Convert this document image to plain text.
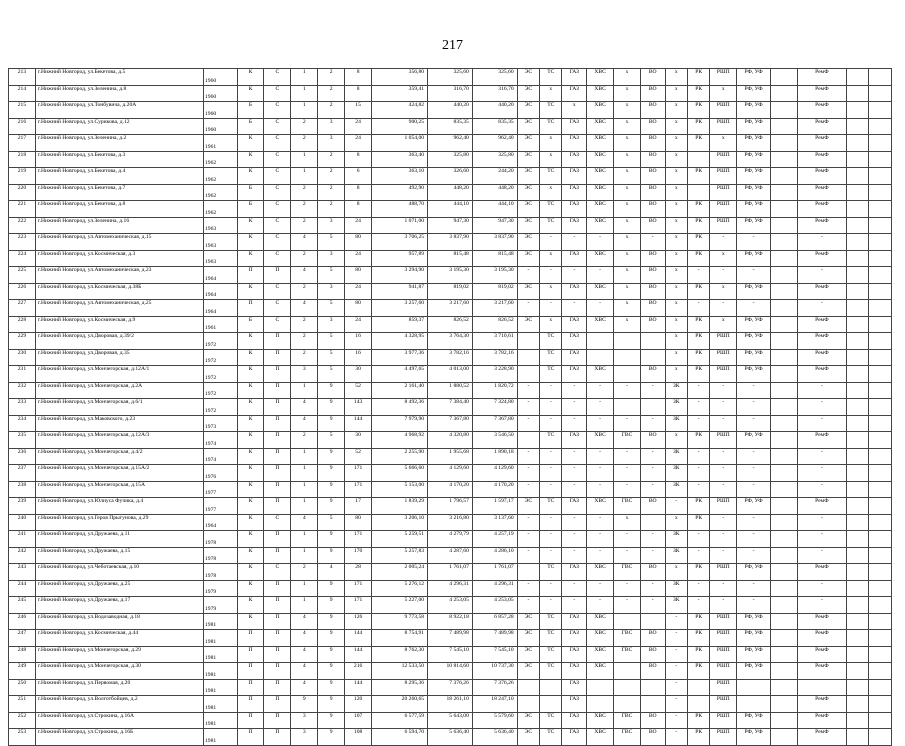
217
213	г.Нижний Новгород, ул.Бекетова, д.5	1960	К	С	1	2	8	356,80	325,60	325,60	ЭС	ТС	ГАЗ	ХВС	х	ВО	х	РК	РШП	РФ, УФ		РемФ		
214	г.Нижний Новгород, ул.Зеленина, д.8	1960	К	С	1	2	8	359,41	316,70	316,70	ЭС	х	ГАЗ	ХВС	х	ВО	х	РК	х	РФ, УФ		РемФ		
215	г.Нижний Новгород, ул.Тонбувича, д.20А	1960	Б	С	1	2	15	424,82	440,20	440,20	ЭС	ТС	х	ХВС	х	ВО	х	РК	РШП	РФ, УФ		РемФ		
216	г.Нижний Новгород, ул.Сурикова, д.12	1960	Б	С	2	3	24	900,25	835,35	835,35	ЭС	ТС	ГАЗ	ХВС	х	ВО	х	РК	РШП	РФ, УФ		РемФ		
217	г.Нижний Новгород, ул.Зеленина, д.2	1961	К	С	2	3	24	1 054,00	962,40	962,40	ЭС	х	ГАЗ	ХВС	х	ВО	х	РК	х	РФ, УФ		РемФ		
218	г.Нижний Новгород, ул.Бекетова, д.3	1962	К	С	1	2	8	363,40	325,80	325,80	ЭС	х	ГАЗ	ХВС	х	ВО	х		РШП	РФ, УФ		РемФ		
219	г.Нижний Новгород, ул.Бекетова, д.4	1962	К	С	1	2	6	363,10	326,60	244,20	ЭС	ТС	ГАЗ	ХВС	х	ВО	х	РК	РШП	РФ, УФ		РемФ		
220	г.Нижний Новгород, ул.Бекетова, д.7	1962	Б	С	2	2	8	492,90	448,20	448,20	ЭС	х	ГАЗ	ХВС	х	ВО	х		РШП	РФ, УФ		РемФ		
221	г.Нижний Новгород, ул.Бекетова, д.8	1962	Б	С	2	2	8	488,70	444,10	444,10	ЭС	ТС	ГАЗ	ХВС	х	ВО	х	РК	РШП	РФ, УФ		РемФ		
222	г.Нижний Новгород, ул.Зеленина, д.16	1963	К	С	2	3	24	1 071,00	947,30	947,30	ЭС	ТС	ГАЗ	ХВС	х	ВО	х	РК	РШП	РФ, УФ		РемФ		
223	г.Нижний Новгород, ул.Автомеханическая, д.15	1963	К	С	4	5	80	3 706,25	3 837,90	3 837,90	ЭС	-	-	-	х	-	х	РК	-	-		-		
224	г.Нижний Новгород, ул.Космическая, д.3	1963	К	С	2	3	24	957,89	815,48	815,48	ЭС	х	ГАЗ	ХВС	х	ВО	х	РК	х	РФ, УФ		РемФ		
225	г.Нижний Новгород, ул.Автомеханическая, д.23	1964	П	П	4	5	80	3 294,90	3 195,30	3 195,30	-	-	-	-	х	ВО	х	-	-	-		-		
226	г.Нижний Новгород, ул.Космическая, д.38Б	1964	К	С	2	3	24	941,87	819,02	819,02	ЭС	х	ГАЗ	ХВС	х	ВО	х	РК	х	РФ, УФ		РемФ		
227	г.Нижний Новгород, ул.Автомеханическая, д.25	1964	П	С	4	5	80	3 257,60	3 217,60	3 217,60	-	-	-	-	х	ВО	х	-	-	-		-		
228	г.Нижний Новгород, ул.Космическая, д.9	1961	Б	С	2	3	24	859,37	826,52	826,52	ЭС	х	ГАЗ	ХВС	х	ВО	х	РК	х	РФ, УФ		РемФ		
229	г.Нижний Новгород, ул.Дворовая, д.39/2	1972	К	П	2	5	16	4 328,95	3 764,30	3 710,61		ТС	ГАЗ				х	РК	РШП	РФ, УФ		РемФ		
230	г.Нижний Новгород, ул.Дворовая, д.35	1972	К	П	2	5	16	3 977,36	3 782,16	3 782,16		ТС	ГАЗ				х	РК	РШП	РФ, УФ		РемФ		
231	г.Нижний Новгород, ул.Мончегорская, д.12А/1	1972	К	П	3	5	30	4 497,65	4 013,00	3 228,90		ТС	ГАЗ	ХВС		ВО	х	РК	РШП	РФ, УФ		РемФ		
232	г.Нижний Новгород, ул.Мончегорская, д.2А	1972	К	П	1	9	52	2 161,40	1 880,52	1 820,72	-	-	-	-	-	-	ЗК	-	-	-		-		
233	г.Нижний Новгород, ул.Мончегорская, д.6/1	1972	К	П	4	9	143	8 492,36	7 384,40	7 324,80	-	-	-	-			ЗК	-	-	-		-		
234	г.Нижний Новгород, ул.Маковского, д.23	1973	К	П	4	9	144	7 979,90	7 367,80	7 367,80	-	-	-	-	-	-	ЗК	-	-	-		-		
235	г.Нижний Новгород, ул.Мончегорская, д.12А/3	1974	К	П	2	5	30	4 968,92	4 320,80	3 546,50		ТС	ГАЗ	ХВС	ГВС	ВО	х	РК	РШП	РФ, УФ		РемФ		
236	г.Нижний Новгород, ул.Мончегорская, д.4/2	1974	К	П	1	9	52	2 255,90	1 955,68	1 890,18	-	-	-	-	-	-	ЗК	-	-	-		-		
237	г.Нижний Новгород, ул.Мончегорская, д.15А/2	1976	К	П	1	9	171	5 666,60	4 129,60	4 129,60	-	-	-	-	-	-	ЗК	-	-	-		-		
238	г.Нижний Новгород, ул.Мончегорская, д.15А	1977	К	П	1	9	171	5 153,00	4 170,20	4 170,20	-	-	-	-	-	-	ЗК	-	-	-		-		
239	г.Нижний Новгород, ул.Юлиуса Фучика, д.4	1977	К	П	1	9	17	1 839,29	1 796,57	1 597,17	ЭС	ТС	ГАЗ	ХВС	ГВС	ВО	-	РК	РШП	РФ, УФ		РемФ		
240	г.Нижний Новгород, ул.Героя Прыгунова, д.29	1964	К	С	4	5	80	3 206,10	3 216,80	3 137,60	-	-	-	-	х		х	РК	-	-		-		
241	г.Нижний Новгород, ул.Дружаева, д.11	1978	К	П	1	9	171	5 259,51	4 279,79	4 257,19	-	-	-	-	-	-	ЗК	-	-	-		-		
242	г.Нижний Новгород, ул.Дружаева, д.15	1978	К	П	1	9	170	5 257,83	4 287,60	4 286,10	-	-	-	-	-	-	ЗК	-	-	-		-		
243	г.Нижний Новгород, ул.Чеботаевская, д.10	1978	К	С	2	4	28	2 005,24	1 761,07	1 761,07		ТС	ГАЗ	ХВС	ГВС	ВО	х	РК	РШП	РФ, УФ		РемФ		
244	г.Нижний Новгород, ул.Дружаева, д.25	1979	К	П	1	9	171	5 276,12	4 296,31	4 296,31	-	-	-	-	-	-	ЗК	-	-	-		-		
245	г.Нижний Новгород, ул.Дружаева, д.17	1979	К	П	1	9	171	5 227,00	4 253,05	4 253,05	-	-	-	-	-	-	ЗК	-	-	-		-		
246	г.Нижний Новгород, ул.Водозаводная, д.18	1981	К	П	4	9	126	9 773,58	8 922,18	6 857,28	ЭС	ТС	ГАЗ	ХВС			-	РК	РШП	РФ, УФ		РемФ		
247	г.Нижний Новгород, ул.Космическая, д.44	1981	П	П	4	9	144	8 754,91	7 489,98	7 489,98	ЭС	ТС	ГАЗ	ХВС	ГВС	ВО	-	РК	РШП	РФ, УФ		РемФ		
248	г.Нижний Новгород, ул.Мончегорская, д.29	1981	П	П	4	9	144	8 762,30	7 545,10	7 545,10	ЭС	ТС	ГАЗ	ХВС	ГВС	ВО	-	РК	РШП	РФ, УФ		РемФ		
249	г.Нижний Новгород, ул.Мончегорская, д.30	1981	П	П	4	9	216	12 533,50	10 814,60	10 737,30	ЭС	ТС	ГАЗ	ХВС		ВО	-	РК	РШП	РФ, УФ		РемФ		
250	г.Нижний Новгород, ул.Первомая, д.20	1981	П	П	4	9	144	8 295,36	7 376,26	7 376,26			ГАЗ				-		РШП					
251	г.Нижний Новгород, ул.Волготбойцев, д.2	1981	П	П	9	9	120	20 260,65	18 261,10	18 247,10			ГАЗ				-		РШП			РемФ		
252	г.Нижний Новгород, ул.Строкина, д.16А	1981	П	П	3	9	107	6 577,59	5 643,00	5 579,60	ЭС	ТС	ГАЗ	ХВС	ГВС	ВО	-	РК	РШП	РФ, УФ		РемФ		
253	г.Нижний Новгород, ул.Строкина, д.16Б	1981	П	П	3	9	108	6 594,70	5 636,40	5 636,40	ЭС	ТС	ГАЗ	ХВС	ГВС	ВО	-	РК	РШП	РФ, УФ		РемФ		
